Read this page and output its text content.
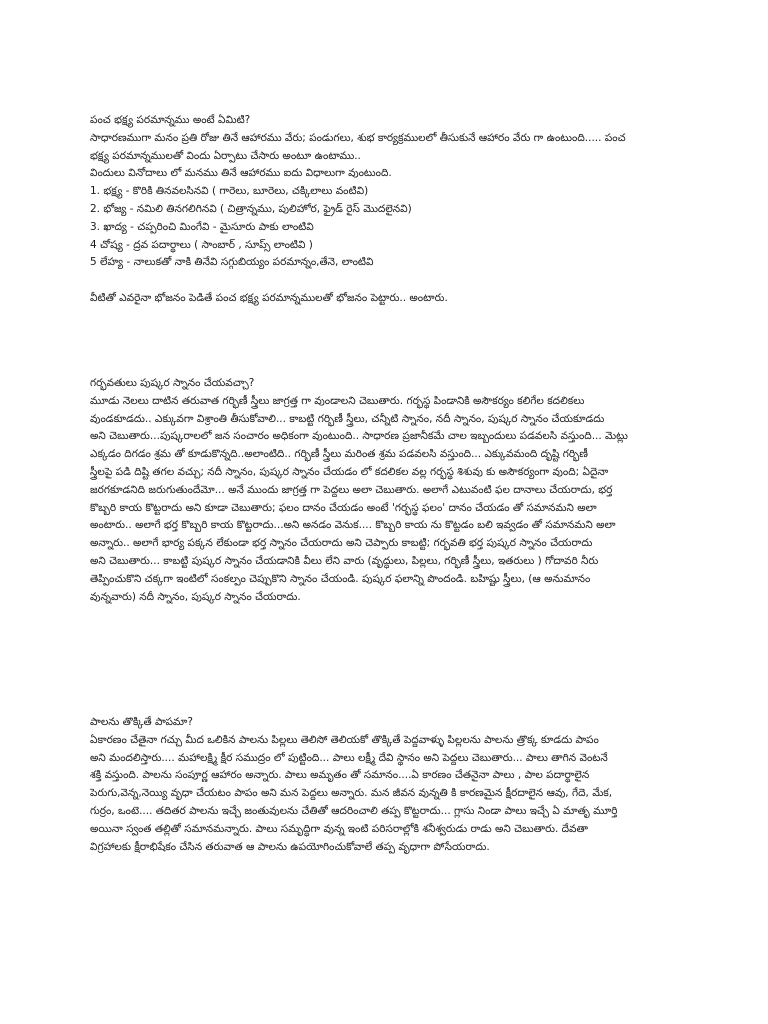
పంచ భక్ష్య పరమాన్నము అంటే ఏమిటి?
సాధారణముగా మనం ప్రతి రోజు తినే ఆహారము వేరు; పండుగలు, శుభ కార్యక్రములలో తీసుకునే ఆహారం వేరు గా ఉంటుంది..... పంచ
భక్ష్య పరమాన్నములతో విందు ఏర్పాటు చేసారు అంటూ ఉంటాము..
విందులు వినోదాలు లో మనము తినే ఆహారము ఐదు విధాలుగా వుంటుంది.
1. భక్ష్య - కొరికి తినవలసినవి ( గారెలు, బూరెలు, చక్కిలాలు వంటివి)
2. భోజ్య - నమిలి తినగలిగినవి ( చిత్రాన్నము, పులిహోర, ఫ్రైడ్ రైస్ మొదలైనవి)
3. ఖాద్య - చప్పరించి మింగేవి - మైసూరు పాకు లాంటివి
4 చోష్య - ద్రవ పదార్థాలు ( సాంబార్ , సూప్స్ లాంటివి )
5 లేహ్య - నాలుకతో నాకి తినేవి సగ్గుబియ్యం పరమాన్నం,తేనె, లాంటివి
వీటితో ఎవరైనా భోజనం పెడితే పంచ భక్ష్య పరమాన్నములతో భోజనం పెట్టారు.. అంటారు.
గర్భవతులు పుష్కర స్నానం చేయవచ్చా?
మూడు నెలలు దాటిన తరువాత గర్భిణీ స్త్రీలు జాగ్రత్త గా వుండాలని చెబుతారు. గర్భస్థ పిండానికి అసౌకర్యం కలిగేల కదలికలు
వుండకూడదు.. ఎక్కువగా విశ్రాంతి తీసుకోవాలి... కాబట్టి గర్భిణీ స్త్రీలు, చన్నీటి స్నానం, నదీ స్నానం, పుష్కర స్నానం చేయకూడదు
అని చెబుతారు...పుష్కరాలలో జన సంచారం అధికంగా వుంటుంది.. సాధారణ ప్రజానీకమే చాల ఇబ్బందులు పడవలసి వస్తుంది... మెట్లు
ఎక్కడం దిగడం శ్రమ తో కూడుకొన్నది..అలాంటిది.. గర్భిణీ స్త్రీలు మరింత శ్రమ పడవలసి వస్తుంది... ఎక్కువమంది దృష్టి గర్భిణీ
స్త్రీలపై పడి దిష్టి తగల వచ్చు; నదీ స్నానం, పుష్కర స్నానం చేయడం లో కదలికల వల్ల గర్భస్థ శిశువు కు అసౌకర్యంగా వుంది; ఏదైనా
జరగకూడనిది జరుగుతుందేమో... అనే ముందు జాగ్రత్త గా పెద్దలు అలా చెబుతారు. అలాగే ఎటువంటి ఫల దానాలు చేయరాదు, భర్త
కొబ్బరి కాయ కొట్టరాదు అని కూడా చెబుతారు; ఫలం దానం చేయడం అంటే 'గర్భస్థ ఫలం' దానం చేయడం తో సమానమని అలా
అంటారు.. అలాగే భర్త కొబ్బరి కాయ కొట్టరాదు...అని అనడం వెనుక.... కొబ్బరి కాయ ను కొట్టడం బలి ఇవ్వడం తో సమానమని అలా
అన్నారు.. అలాగే భార్య పక్కన లేకుండా భర్త స్నానం చేయరాదు అని చెప్పారు కాబట్టి; గర్భవతి భర్త పుష్కర స్నానం చేయరాదు
అని చెబుతారు... కాబట్టి పుష్కర స్నానం చేయడానికి వీలు లేని వారు (వృద్ధులు, పిల్లలు, గర్భిణీ స్త్రీలు, ఇతరులు ) గోదావరి నీరు
తెప్పించుకొని చక్కగా ఇంటిలో సంకల్పం చెప్పుకొని స్నానం చేయండి. పుష్కర ఫలాన్ని పొందండి. బహిష్టు స్త్రీలు, (ఆ అనుమానం
వున్నవారు) నదీ స్నానం, పుష్కర స్నానం చేయరాదు.
పాలను తొక్కితే పాపమా?
ఏకారణం చేతైనా గచ్చు మీద ఒలికిన పాలను పిల్లలు తెలిసో తెలియకో తొక్కితే పెద్దవాళ్ళు పిల్లలను పాలను త్రొక్క కూడదు పాపం
అని మందలిస్తారు.... మహాలక్ష్మి క్షీర సముద్రం లో పుట్టింది... పాలు లక్ష్మీ దేవి స్థానం అని పెద్దలు చెబుతారు... పాలు తాగిన వెంటనే
శక్తి వస్తుంది. పాలను సంపూర్ణ ఆహారం అన్నారు. పాలు అమృతం తో సమానం....ఏ కారణం చేతనైనా పాలు , పాల పదార్థాలైన
పెరుగు,వెన్న,నెయ్యి వృధా చేయటం పాపం అని మన పెద్దలు అన్నారు. మన జీవన వున్నతి కి కారణమైన క్షీరదాలైన ఆవు, గేదె, మేక,
గుర్రం, ఒంటె.... తదితర పాలను ఇచ్చే జంతువులను చేతితో ఆదరించాలి తప్ప కొట్టరాదు... గ్లాసు నిండా పాలు ఇచ్చే ఏ మాతృ మూర్తి
అయినా స్వంత తల్లితో సమానమన్నారు. పాలు సమృద్ధిగా వున్న ఇంటి పరిసరాల్లోకి శనీశ్వరుడు రాడు అని చెబుతారు. దేవతా
విగ్రహాలకు క్షీరాభిషేకం చేసిన తరువాత ఆ పాలను ఉపయోగించుకోవాలే తప్ప వృధాగా పోసేయరాదు.
